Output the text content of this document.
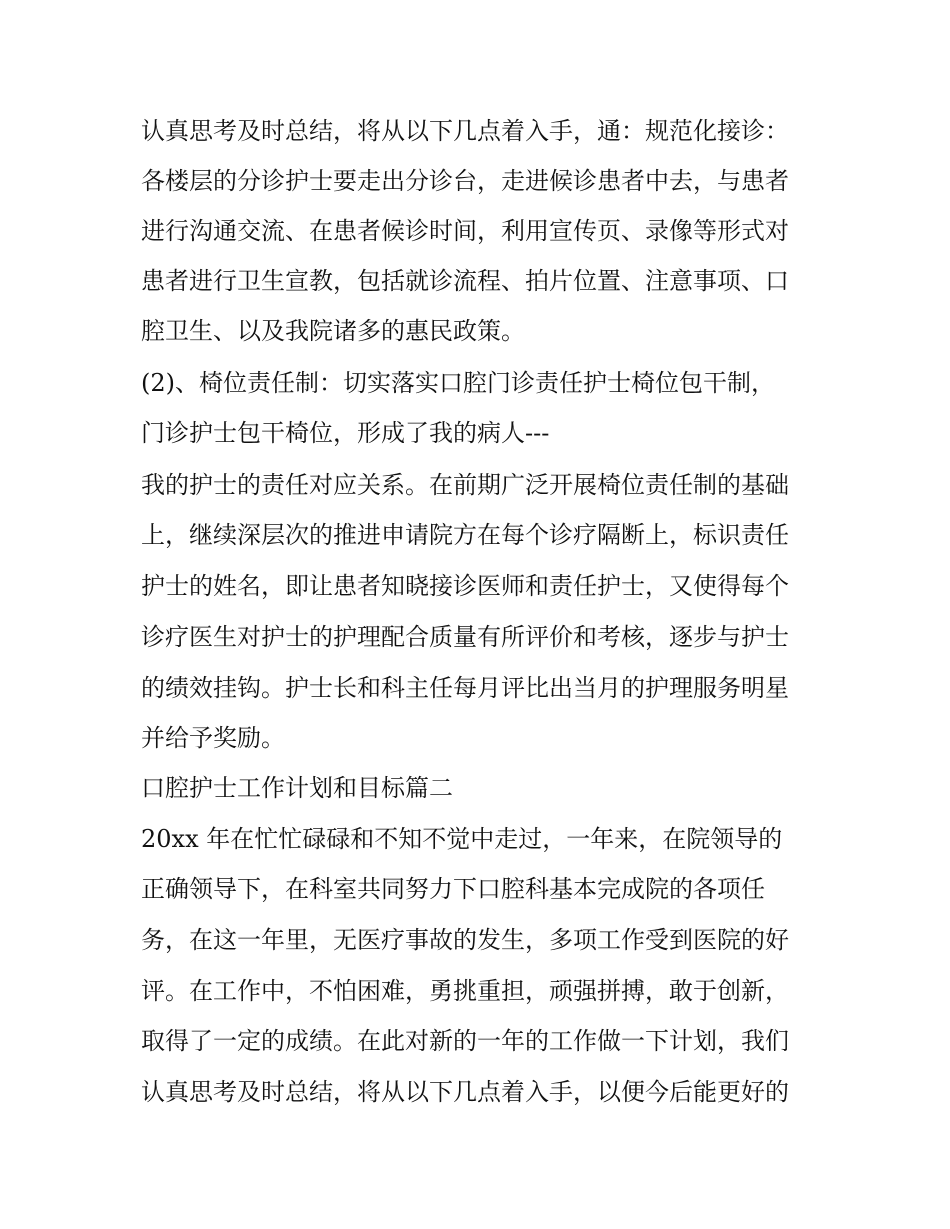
认真思考及时总结，将从以下几点着入手，通：规范化接诊：
各楼层的分诊护士要走出分诊台，走进候诊患者中去，与患者
进行沟通交流、在患者候诊时间，利用宣传页、录像等形式对
患者进行卫生宣教，包括就诊流程、拍片位置、注意事项、口
腔卫生、以及我院诸多的惠民政策。
(2)、椅位责任制：切实落实口腔门诊责任护士椅位包干制，
门诊护士包干椅位，形成了我的病人---
我的护士的责任对应关系。在前期广泛开展椅位责任制的基础
上，继续深层次的推进申请院方在每个诊疗隔断上，标识责任
护士的姓名，即让患者知晓接诊医师和责任护士，又使得每个
诊疗医生对护士的护理配合质量有所评价和考核，逐步与护士
的绩效挂钩。护士长和科主任每月评比出当月的护理服务明星
并给予奖励。
口腔护士工作计划和目标篇二
20xx 年在忙忙碌碌和不知不觉中走过，一年来，在院领导的
正确领导下，在科室共同努力下口腔科基本完成院的各项任
务，在这一年里，无医疗事故的发生，多项工作受到医院的好
评。在工作中，不怕困难，勇挑重担，顽强拼搏，敢于创新，
取得了一定的成绩。在此对新的一年的工作做一下计划，我们
认真思考及时总结，将从以下几点着入手，以便今后能更好的
